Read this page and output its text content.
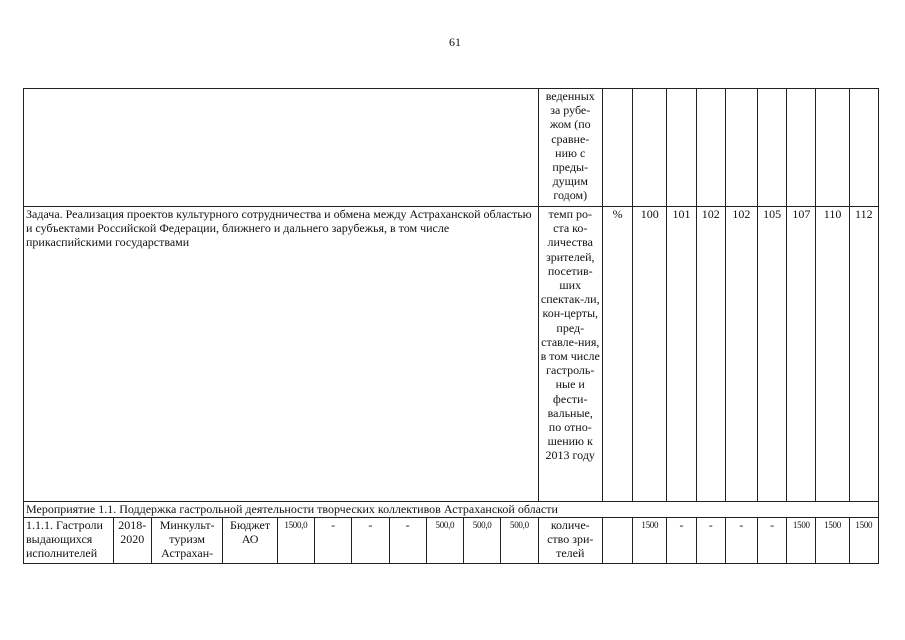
61
											веденных за рубе-жом (по сравне-нию с преды-дущим годом)									
Задача. Реализация проектов культурного сотрудничества и обмена между Астраханской областью и субъектами Российской Федерации, ближнего и дальнего зарубежья, в том числе прикаспийскими государствами											темп ро-ста ко-личества зрителей, посетив-ших спектак-ли, кон-церты, пред-ставле-ния, в том числе гастроль-ные и фести-вальные, по отно-шению к 2013 году	%	100	101	102	102	105	107	110	112
Мероприятие 1.1. Поддержка гастрольной деятельности творческих коллективов Астраханской области																				
1.1.1. Гастроли выдающихся исполнителей	2018-2020	Минкульт-туризм Астрахан-	Бюджет АО	1500,0	-	-	-	500,0	500,0	500,0	количе-ство зри-телей		1500	-	-	-	-	1500	1500	1500
